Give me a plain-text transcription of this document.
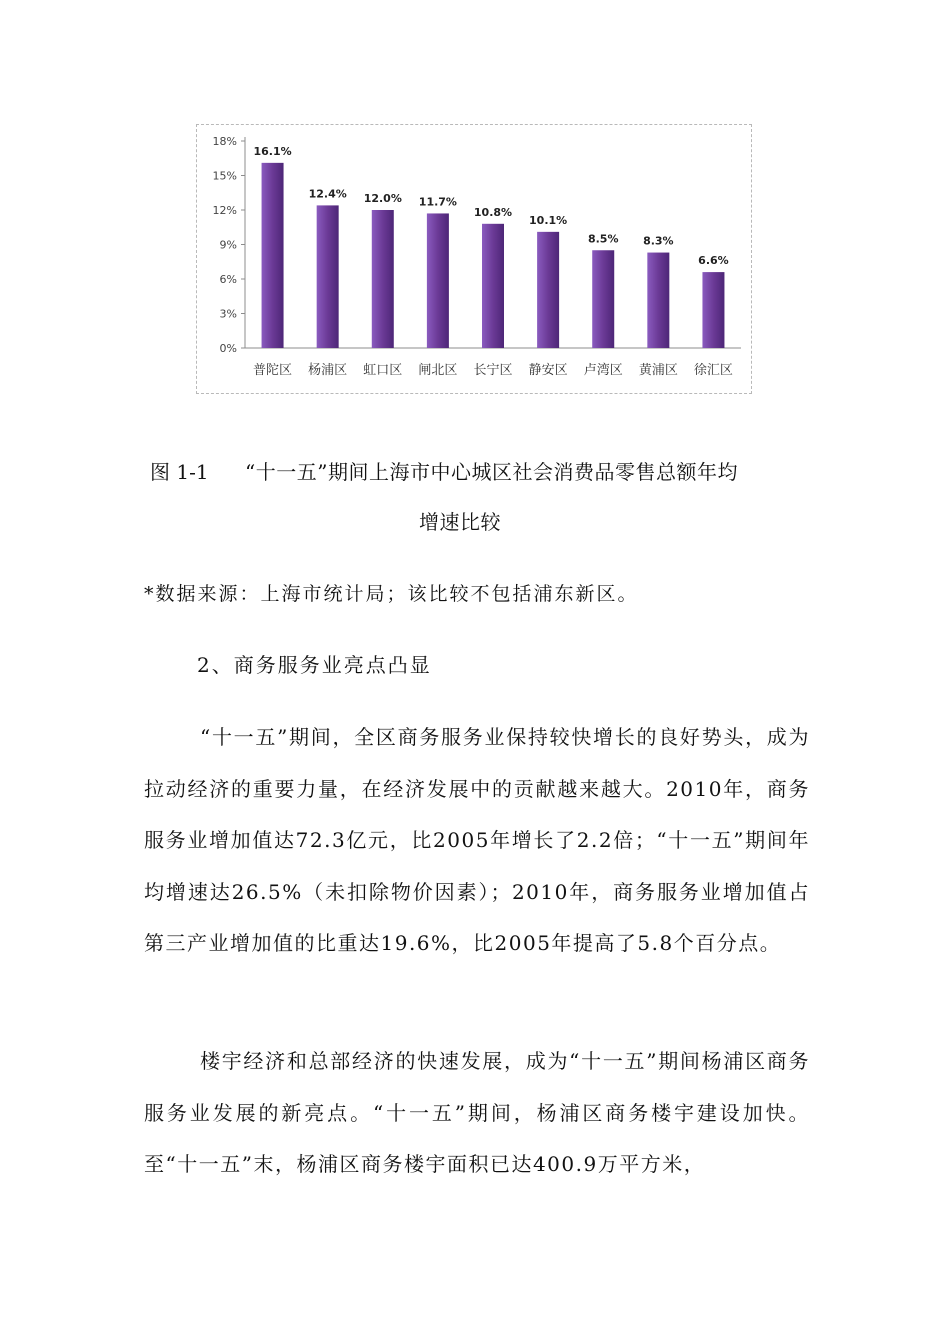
0%
3%
6%
9%
12%
15%
18%
16.1%
普陀区
12.4%
杨浦区
12.0%
虹口区
11.7%
闸北区
10.8%
长宁区
10.1%
静安区
8.5%
卢湾区
8.3%
黄浦区
6.6%
徐汇区
图 1-1 “十一五”期间上海市中心城区社会消费品零售总额年均
增速比较
*数据来源：上海市统计局；该比较不包括浦东新区。
2、商务服务业亮点凸显
“十一五”期间，全区商务服务业保持较快增长的良好势头，成为拉动经济的重要力量，在经济发展中的贡献越来越大。2010年，商务服务业增加值达72.3亿元，比2005年增长了2.2倍；“十一五”期间年均增速达26.5%（未扣除物价因素）；2010年，商务服务业增加值占第三产业增加值的比重达19.6%，比2005年提高了5.8个百分点。
楼宇经济和总部经济的快速发展，成为“十一五”期间杨浦区商务服务业发展的新亮点。“十一五”期间，杨浦区商务楼宇建设加快。至“十一五”末，杨浦区商务楼宇面积已达400.9万平方米，
